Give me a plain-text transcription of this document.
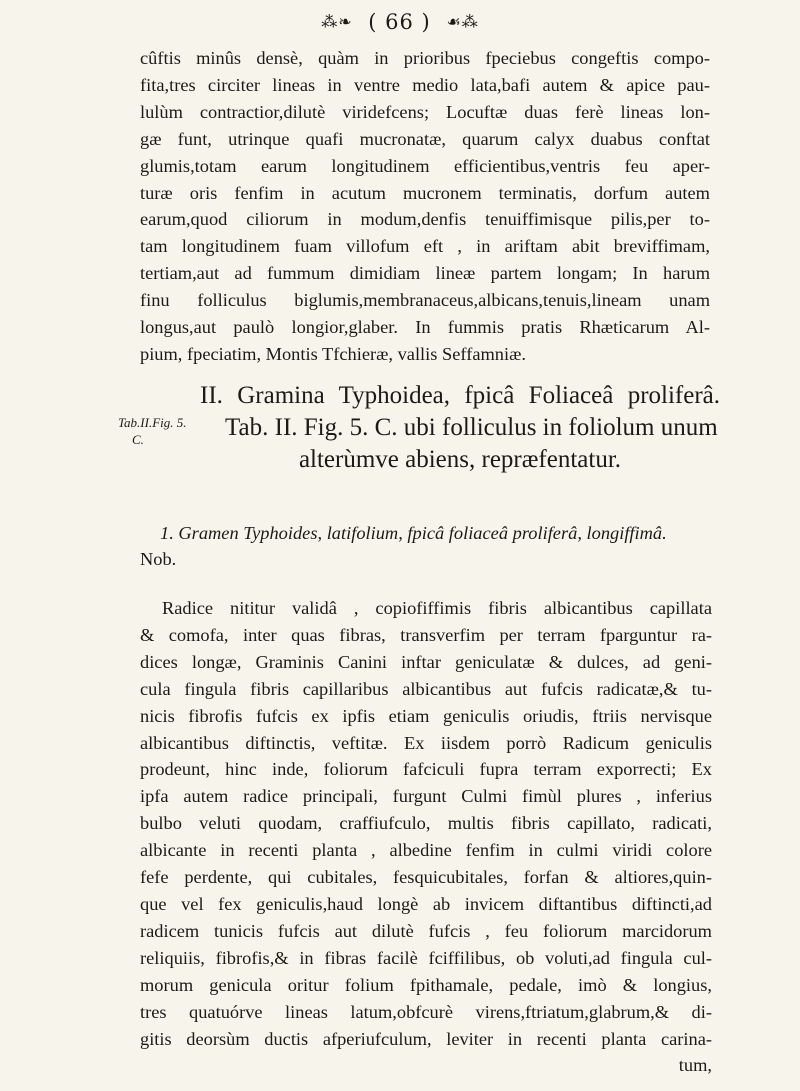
⁂❧ ( 66 ) ☙⁂
cûftis minûs densè, quàm in prioribus fpeciebus congeftis compo-
fita,tres circiter lineas in ventre medio lata,bafi autem & apice pau-
lulùm contractior,dilutè viridefcens; Locuftæ duas ferè lineas lon-
gæ funt, utrinque quafi mucronatæ, quarum calyx duabus conftat
glumis,totam earum longitudinem efficientibus,ventris feu aper-
turæ oris fenfim in acutum mucronem terminatis, dorfum autem
earum,quod ciliorum in modum,denfis tenuiffimisque pilis,per to-
tam longitudinem fuam villofum eft , in ariftam abit breviffimam,
tertiam,aut ad fummum dimidiam lineæ partem longam; In harum
finu folliculus biglumis,membranaceus,albicans,tenuis,lineam unam
longus,aut paulò longior,glaber. In fummis pratis Rhæticarum Al-
pium, fpeciatim, Montis Tfchieræ, vallis Seffamniæ.
Tab.II.Fig. 5.
C.
II. Gramina Typhoidea, fpicâ Foliaceâ proliferâ.
Tab. II. Fig. 5. C. ubi folliculus in foliolum unum
alterùmve abiens, repræfentatur.
1. Gramen Typhoides, latifolium, fpicâ foliaceâ proliferâ, longiffimâ.
Nob.
Radice nititur validâ , copiofiffimis fibris albicantibus capillata
& comofa, inter quas fibras, transverfim per terram fparguntur ra-
dices longæ, Graminis Canini inftar geniculatæ & dulces, ad geni-
cula fingula fibris capillaribus albicantibus aut fufcis radicatæ,& tu-
nicis fibrofis fufcis ex ipfis etiam geniculis oriudis, ftriis nervisque
albicantibus diftinctis, veftitæ. Ex iisdem porrò Radicum geniculis
prodeunt, hinc inde, foliorum fafciculi fupra terram exporrecti; Ex
ipfa autem radice principali, furgunt Culmi fimùl plures , inferius
bulbo veluti quodam, craffiufculo, multis fibris capillato, radicati,
albicante in recenti planta , albedine fenfim in culmi viridi colore
fefe perdente, qui cubitales, fesquicubitales, forfan & altiores,quin-
que vel fex geniculis,haud longè ab invicem diftantibus diftincti,ad
radicem tunicis fufcis aut dilutè fufcis , feu foliorum marcidorum
reliquiis, fibrofis,& in fibras facilè fciffilibus, ob voluti,ad fingula cul-
morum genicula oritur folium fpithamale, pedale, imò & longius,
tres quatuórve lineas latum,obfcurè virens,ftriatum,glabrum,& di-
gitis deorsùm ductis afperiufculum, leviter in recenti planta carina-
tum,
